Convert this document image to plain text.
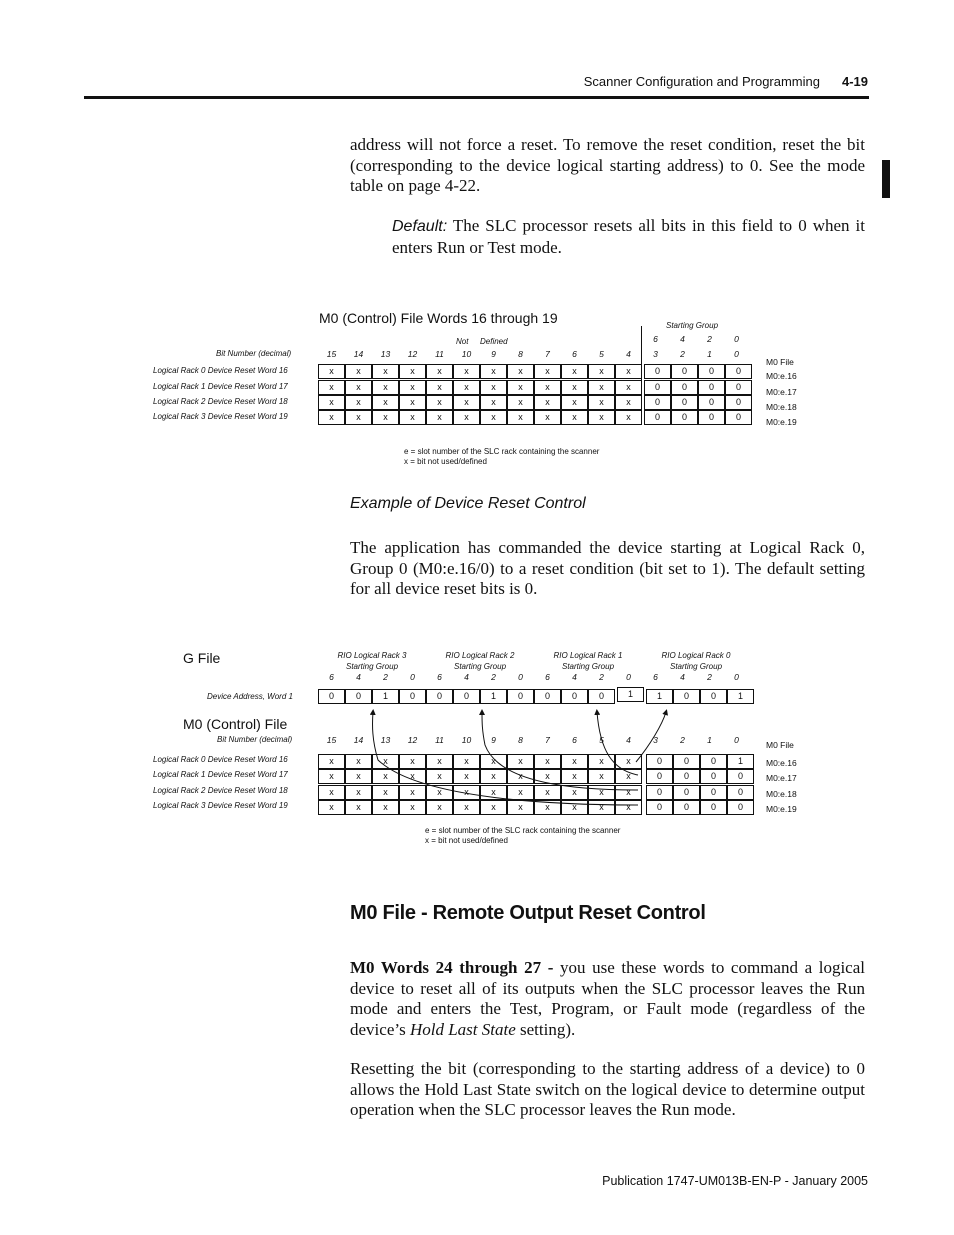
Scanner Configuration and Programming 4-19
address will not force a reset. To remove the reset condition, reset the bit (corresponding to the device logical starting address) to 0. See the mode table on page 4-22.
Default: The SLC processor resets all bits in this field to 0 when it enters Run or Test mode.
M0 (Control) File Words 16 through 19	Starting Group
Not Defined
Bit Number (decimal)
6	4	2	0
15	14	13	12	11	10	9	8	7	6	5	4	3	2	1	0
M0 File
Logical Rack 0 Device Reset Word 16	x	x	x	x	x	x	x	x	x	x	x	x	0	0	0	0	M0:e.16
Logical Rack 1 Device Reset Word 17	x	x	x	x	x	x	x	x	x	x	x	x	0	0	0	0	M0:e.17
Logical Rack 2 Device Reset Word 18	x	x	x	x	x	x	x	x	x	x	x	x	0	0	0	0	M0:e.18
Logical Rack 3 Device Reset Word 19	x	x	x	x	x	x	x	x	x	x	x	x	0	0	0	0	M0:e.19
e = slot number of the SLC rack containing the scanner
x = bit not used/defined
Example of Device Reset Control
The application has commanded the device starting at Logical Rack 0, Group 0 (M0:e.16/0) to a reset condition (bit set to 1). The default setting for all device reset bits is 0.
G File	RIO Logical Rack 3
Starting Group
RIO Logical Rack 2
Starting Group
RIO Logical Rack 1
Starting Group
RIO Logical Rack 0
Starting Group
6	4	2	0	6	4	2	0	6	4	2	0	6	4	2	0
Device Address, Word 1	0	0	1	0	0	0	1	0	0	0	0	1	1	0	0	1
M0 (Control) File
Bit Number (decimal)	15	14	13	12	11	10	9	8	7	6	5	4	3	2	1	0	M0 File
Logical Rack 0 Device Reset Word 16	x	x	x	x	x	x	x	x	x	x	x	x	0	0	0	1	M0:e.16
Logical Rack 1 Device Reset Word 17	x	x	x	x	x	x	x	x	x	x	x	x	0	0	0	0	M0:e.17
Logical Rack 2 Device Reset Word 18	x	x	x	x	x	x	x	x	x	x	x	x	0	0	0	0	M0:e.18
Logical Rack 3 Device Reset Word 19	x	x	x	x	x	x	x	x	x	x	x	x	0	0	0	0	M0:e.19
e = slot number of the SLC rack containing the scanner
x = bit not used/defined
M0 File - Remote Output Reset Control
M0 Words 24 through 27 - you use these words to command a logical device to reset all of its outputs when the SLC processor leaves the Run mode and enters the Test, Program, or Fault mode (regardless of the device’s Hold Last State setting).
Resetting the bit (corresponding to the starting address of a device) to 0 allows the Hold Last State switch on the logical device to determine output operation when the SLC processor leaves the Run mode.
Publication 1747-UM013B-EN-P - January 2005
